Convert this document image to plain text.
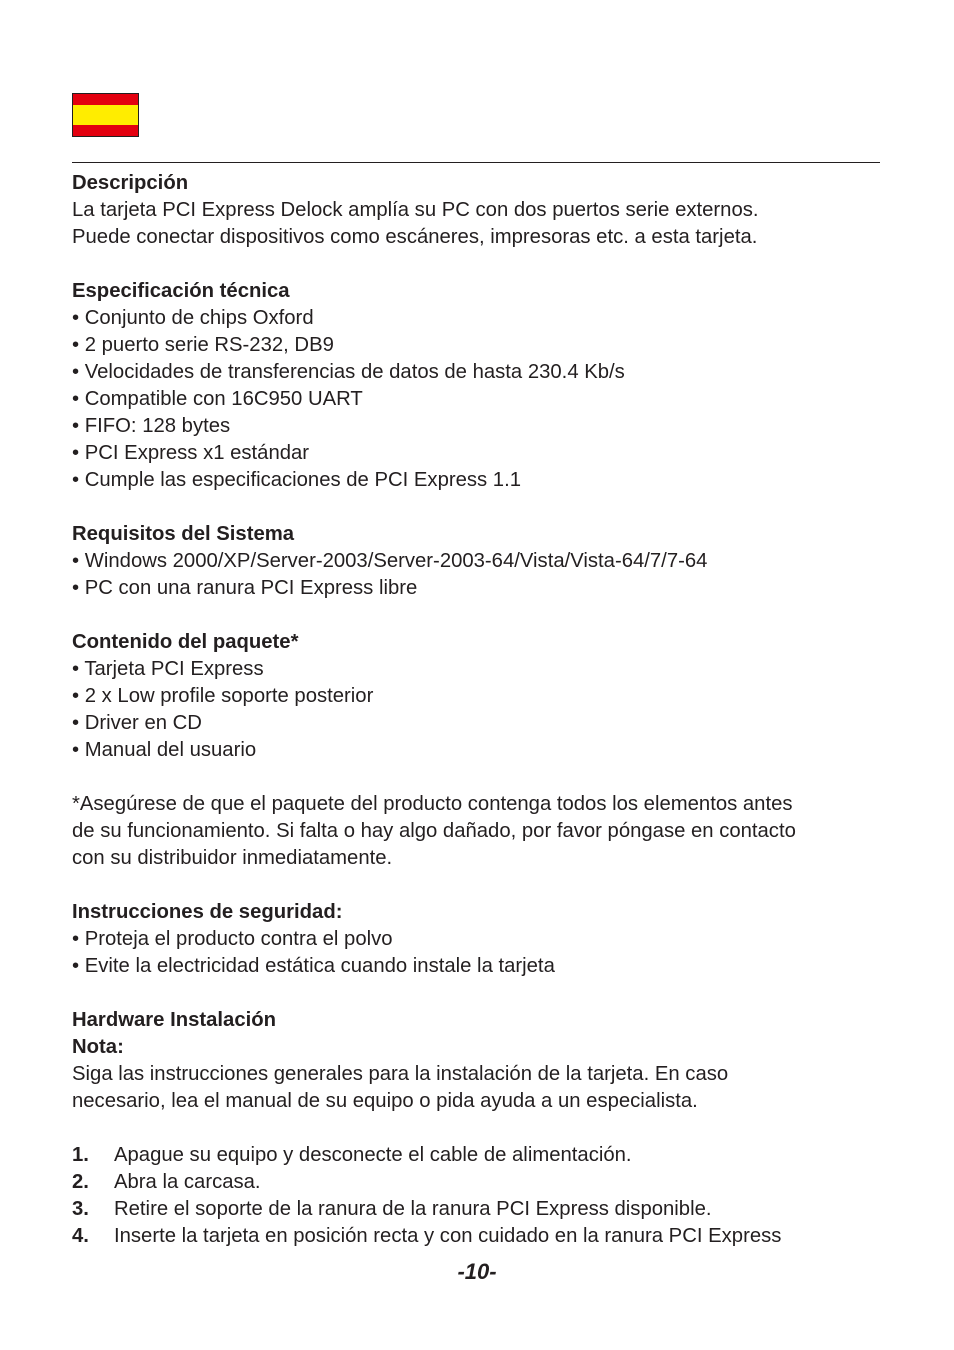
Descripción
La tarjeta PCI Express Delock amplía su PC con dos puertos serie externos.
Puede conectar dispositivos como escáneres, impresoras etc. a esta tarjeta.
Especificación técnica
• Conjunto de chips Oxford
• 2 puerto serie RS-232, DB9
• Velocidades de transferencias de datos de hasta 230.4 Kb/s
• Compatible con 16C950 UART
• FIFO: 128 bytes
• PCI Express x1 estándar
• Cumple las especificaciones de PCI Express 1.1
Requisitos del Sistema
• Windows 2000/XP/Server-2003/Server-2003-64/Vista/Vista-64/7/7-64
• PC con una ranura PCI Express libre
Contenido del paquete*
• Tarjeta PCI Express
• 2 x Low profile soporte posterior
• Driver en CD
• Manual del usuario
*Asegúrese de que el paquete del producto contenga todos los elementos antes
de su funcionamiento. Si falta o hay algo dañado, por favor póngase en contacto
con su distribuidor inmediatamente.
Instrucciones de seguridad:
• Proteja el producto contra el polvo
• Evite la electricidad estática cuando instale la tarjeta
Hardware Instalación
Nota:
Siga las instrucciones generales para la instalación de la tarjeta. En caso
necesario, lea el manual de su equipo o pida ayuda a un especialista.
1.	Apague su equipo y desconecte el cable de alimentación.
2.	Abra la carcasa.
3.	Retire el soporte de la ranura de la ranura PCI Express disponible.
4.	Inserte la tarjeta en posición recta y con cuidado en la ranura PCI Express
-10-
